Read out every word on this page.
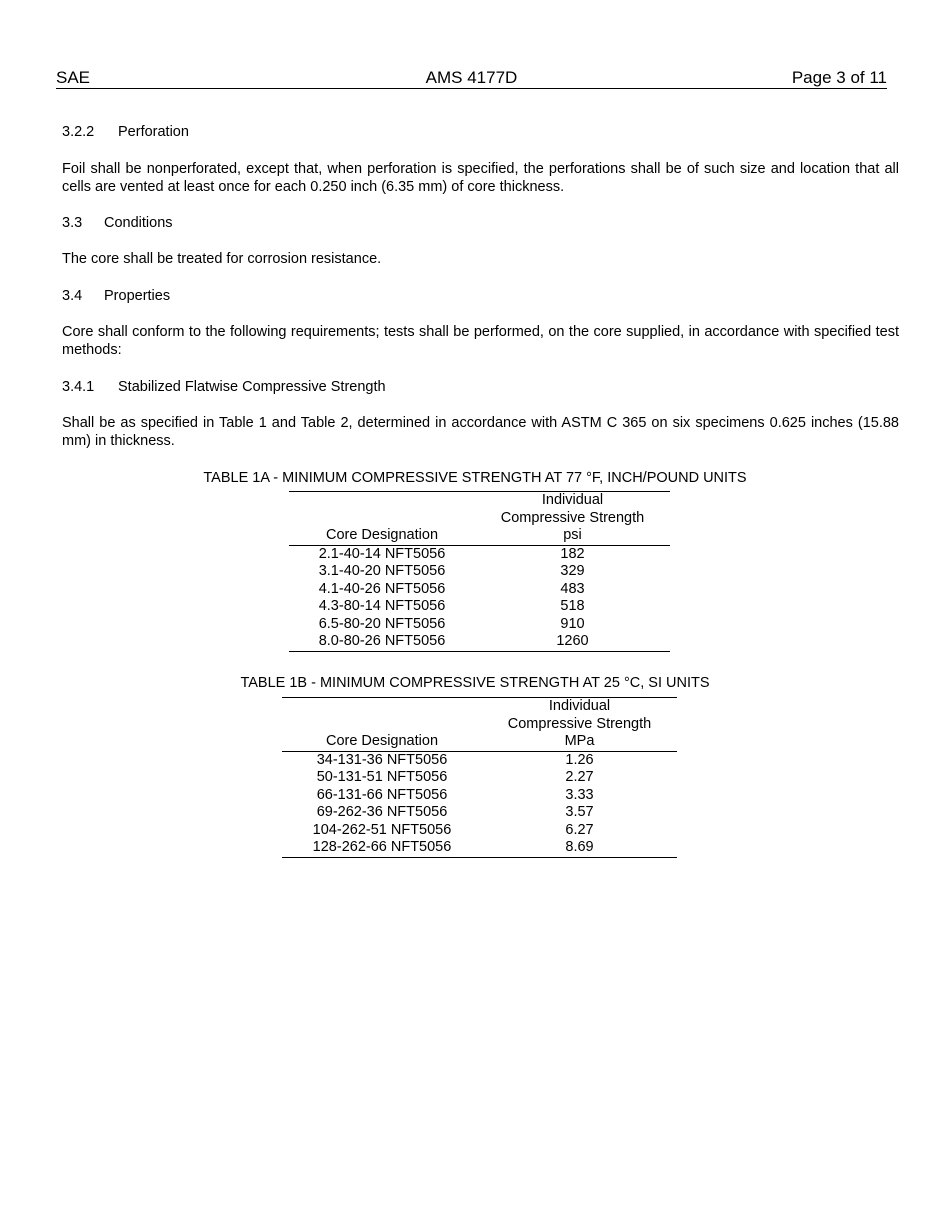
SAE	AMS 4177D	Page 3 of 11
3.2.2 Perforation
Foil shall be nonperforated, except that, when perforation is specified, the perforations shall be of such size and location that all cells are vented at least once for each 0.250 inch (6.35 mm) of core thickness.
3.3 Conditions
The core shall be treated for corrosion resistance.
3.4 Properties
Core shall conform to the following requirements; tests shall be performed, on the core supplied, in accordance with specified test methods:
3.4.1 Stabilized Flatwise Compressive Strength
Shall be as specified in Table 1 and Table 2, determined in accordance with ASTM C 365 on six specimens 0.625 inches (15.88 mm) in thickness.
TABLE 1A - MINIMUM COMPRESSIVE STRENGTH AT 77 °F, INCH/POUND UNITS
	Individual
	Compressive Strength
Core Designation	psi
2.1-40-14 NFT5056	182
3.1-40-20 NFT5056	329
4.1-40-26 NFT5056	483
4.3-80-14 NFT5056	518
6.5-80-20 NFT5056	910
8.0-80-26 NFT5056	1260
TABLE 1B - MINIMUM COMPRESSIVE STRENGTH AT 25 °C, SI UNITS
	Individual
	Compressive Strength
Core Designation	MPa
34-131-36 NFT5056	1.26
50-131-51 NFT5056	2.27
66-131-66 NFT5056	3.33
69-262-36 NFT5056	3.57
104-262-51 NFT5056	6.27
128-262-66 NFT5056	8.69
